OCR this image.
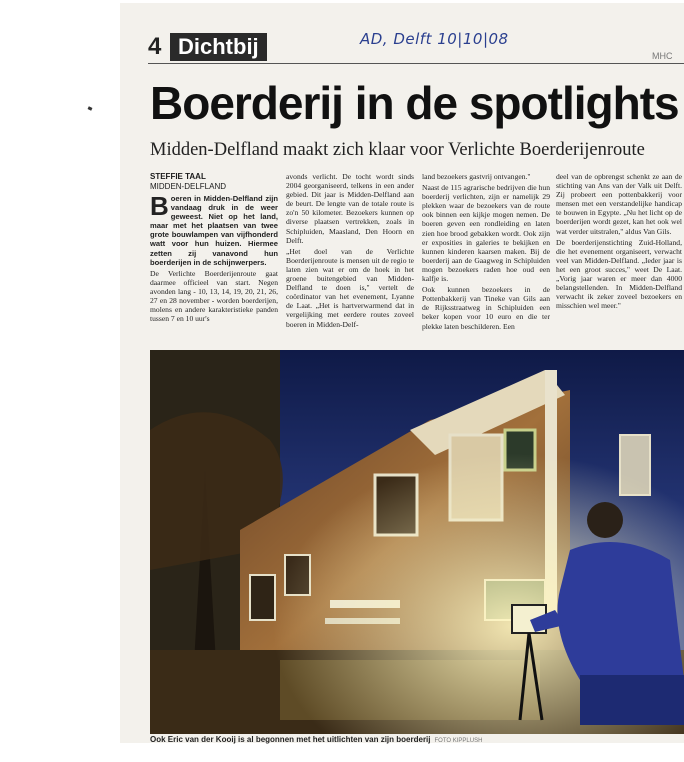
4 Dichtbij	AD, Delft 10|10|08
MHC
Boerderij in de spotlights
Midden-Delfland maakt zich klaar voor Verlichte Boerderijenroute
STEFFIE TAAL
MIDDEN-DELFLAND

Boeren in Midden-Delfland zijn vandaag druk in de weer geweest. Niet op het land, maar met het plaatsen van twee grote bouwlampen van vijfhonderd watt voor hun huizen. Hiermee zetten zij vanavond hun boerderijen in de schijnwerpers.

De Verlichte Boerderijenroute gaat daarmee officieel van start. Negen avonden lang - 10, 13, 14, 19, 20, 21, 26, 27 en 28 november - worden boerderijen, molens en andere karakteristieke panden tussen 7 en 10 uur's

avonds verlicht. De tocht wordt sinds 2004 georganiseerd, telkens in een ander gebied. Dit jaar is Midden-Delfland aan de beurt. De lengte van de totale route is zo'n 50 kilometer. Bezoekers kunnen op diverse plaatsen vertrekken, zoals in Schipluiden, Maasland, Den Hoorn en Delft.

„Het doel van de Verlichte Boerderijenroute is mensen uit de regio te laten zien wat er om de hoek in het groene buitengebied van Midden-Delfland te doen is," vertelt de coördinator van het evenement, Lyanne de Laat. „Het is hartverwarmend dat in vergelijking met eerdere routes zoveel boeren in Midden-Delf-

land bezoekers gastvrij ontvangen."

Naast de 115 agrarische bedrijven die hun boerderij verlichten, zijn er namelijk 29 plekken waar de bezoekers van de route ook binnen een kijkje mogen nemen. De boeren geven een rondleiding en laten zien hoe brood gebakken wordt. Ook zijn er exposities in galeries te bekijken en kunnen kinderen kaarsen maken. Bij de boerderij aan de Gaagweg in Schipluiden mogen bezoekers raden hoe oud een kalfje is.

Ook kunnen bezoekers in de Pottenbakkerij van Tineke van Gils aan de Rijksstraatweg in Schipluiden een beker kopen voor 10 euro en die ter plekke laten beschilderen. Een

deel van de opbrengst schenkt ze aan de stichting van Ans van der Valk uit Delft. Zij probeert een pottenbakkerij voor mensen met een verstandelijke handicap te bouwen in Egypte. „Nu het licht op de boerderijen wordt gezet, kan het ook wel wat verder uitstralen," aldus Van Gils.

De boerderijenstichting Zuid-Holland, die het evenement organiseert, verwacht veel van Midden-Delfland. „Ieder jaar is het een groot succes," weet De Laat. „Vorig jaar waren er meer dan 4000 belangstellenden. In Midden-Delfland verwacht ik zeker zoveel bezoekers en misschien wel meer."

Ook Eric van der Kooij is al begonnen met het uitlichten van zijn boerderij FOTO KIPPLUSH
